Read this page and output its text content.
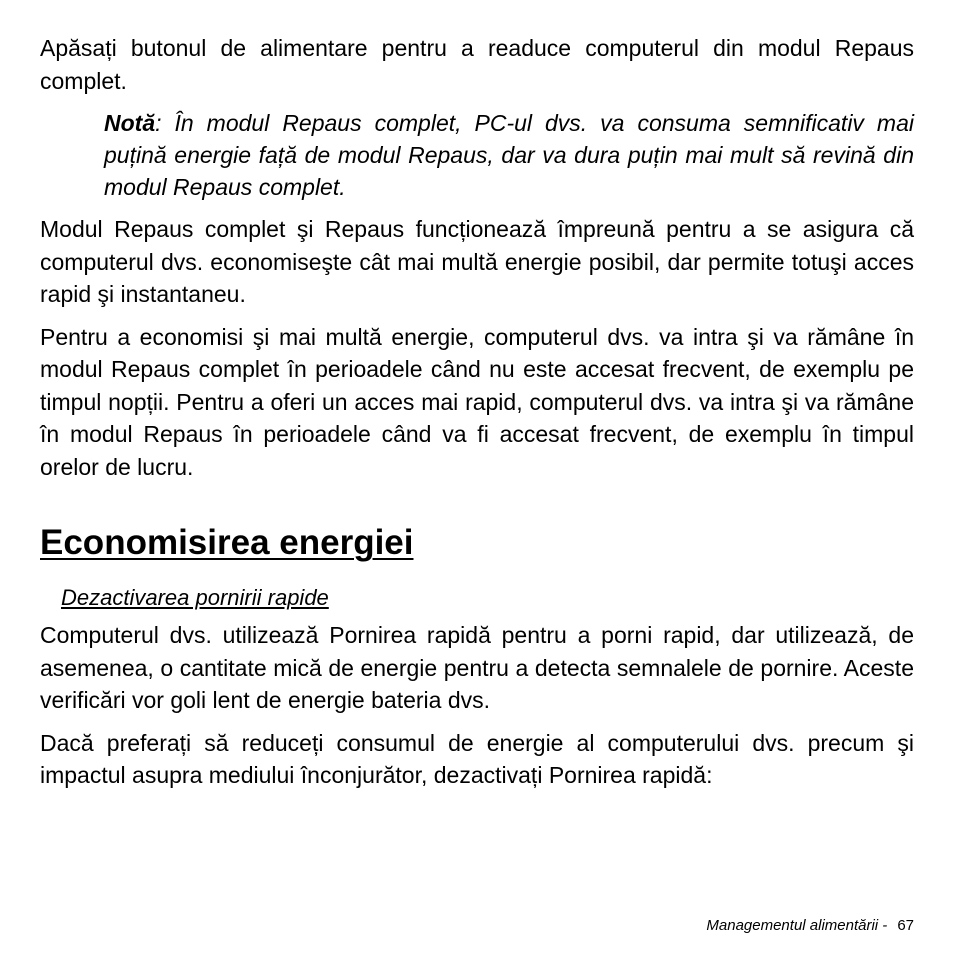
Apăsați butonul de alimentare pentru a readuce computerul din modul Repaus complet.

Notă: În modul Repaus complet, PC-ul dvs. va consuma semnificativ mai puțină energie față de modul Repaus, dar va dura puțin mai mult să revină din modul Repaus complet.

Modul Repaus complet şi Repaus funcționează împreună pentru a se asigura că computerul dvs. economiseşte cât mai multă energie posibil, dar permite totuşi acces rapid şi instantaneu.

Pentru a economisi şi mai multă energie, computerul dvs. va intra şi va rămâne în modul Repaus complet în perioadele când nu este accesat frecvent, de exemplu pe timpul nopții. Pentru a oferi un acces mai rapid, computerul dvs. va intra şi va rămâne în modul Repaus în perioadele când va fi accesat frecvent, de exemplu în timpul orelor de lucru.

Economisirea energiei
Dezactivarea pornirii rapide

Computerul dvs. utilizează Pornirea rapidă pentru a porni rapid, dar utilizează, de asemenea, o cantitate mică de energie pentru a detecta semnalele de pornire. Aceste verificări vor goli lent de energie bateria dvs.

Dacă preferați să reduceți consumul de energie al computerului dvs. precum şi impactul asupra mediului înconjurător, dezactivați Pornirea rapidă:

Managementul alimentării - 67
